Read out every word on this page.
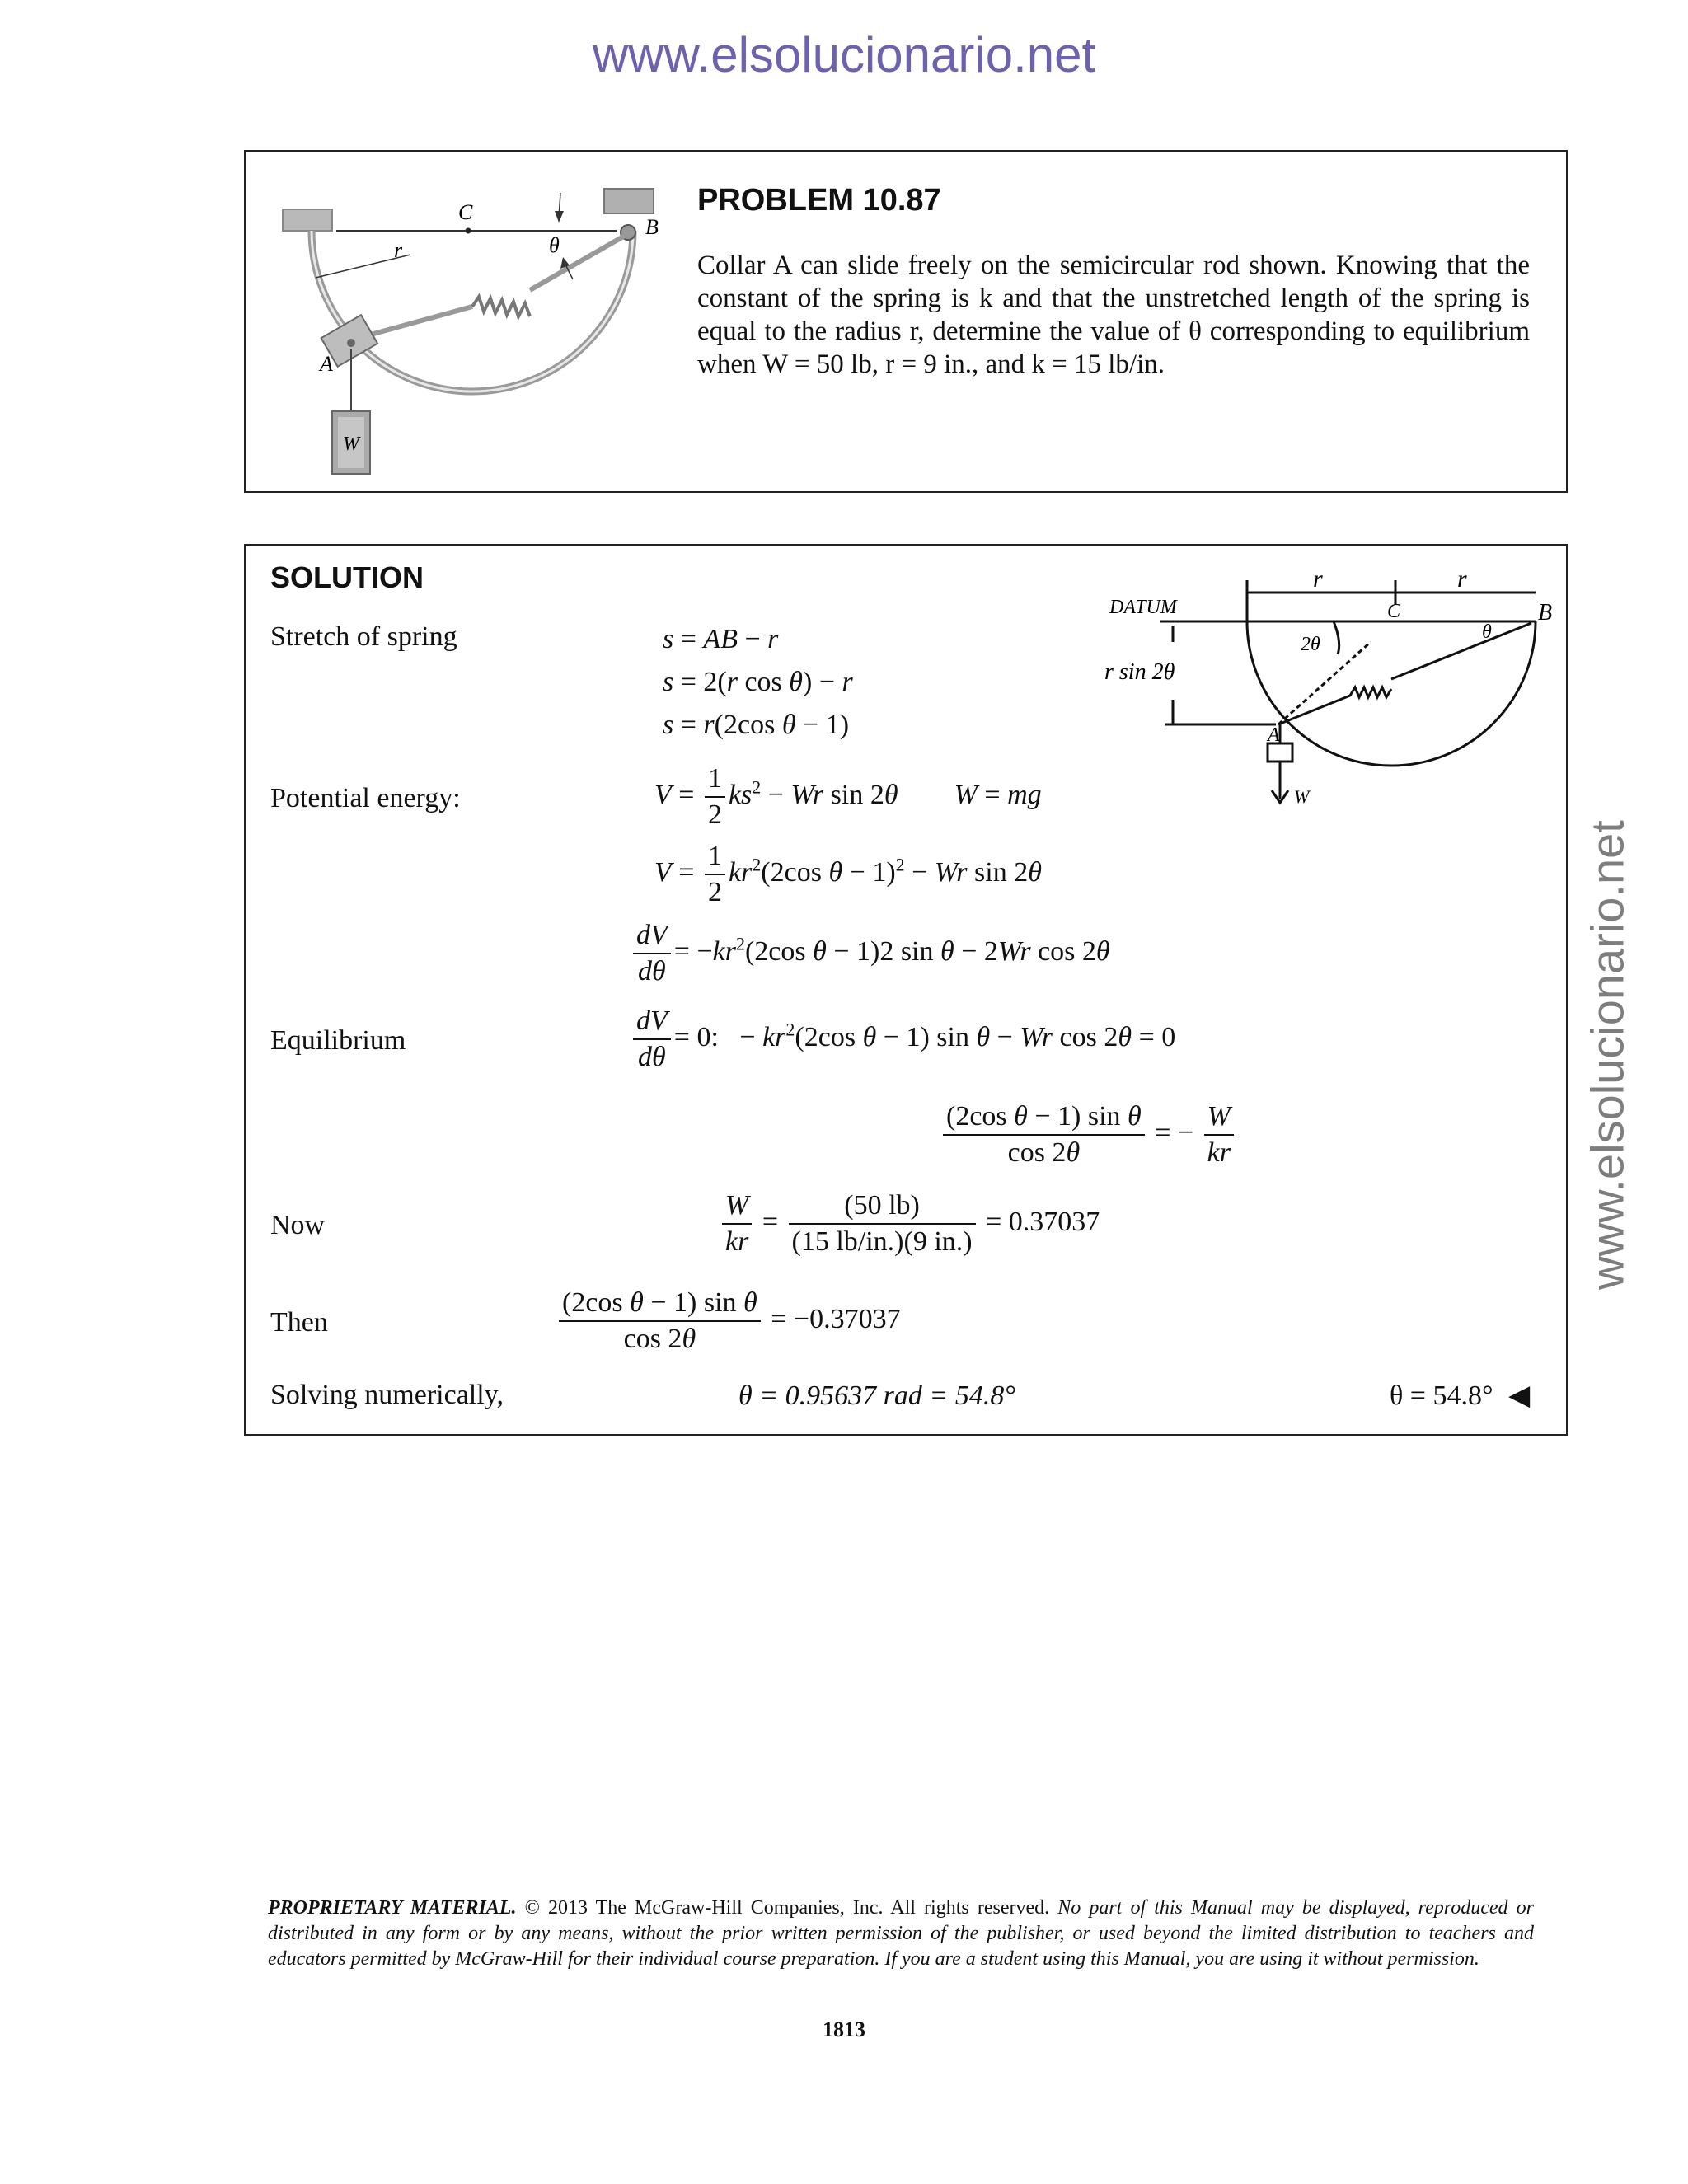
www.elsolucionario.net
www.elsolucionario.net
C
r	θ
B
A
W
PROBLEM 10.87
Collar A can slide freely on the semicircular rod shown. Knowing that the constant of the spring is k and that the unstretched length of the spring is equal to the radius r, determine the value of θ corresponding to equilibrium when W = 50 lb, r = 9 in., and k = 15 lb/in.
SOLUTION
DATUM
r	r
C	B
2θ
θ
r sin 2θ
A
W
Stretch of spring	s = AB − r
s = 2(r cos θ) − r
s = r(2cos θ − 1)
Potential energy:	$V = \frac{1}{2} ks^2 - Wr$ sin 2θ W = mg
$V = \frac{1}{2} kr^2(2\cos$ θ − 1)$^2$ − Wr sin 2θ
$\frac{dV}{d\theta} = -kr^2(2\cos$ θ − 1)2 sin θ − 2Wr cos 2θ
Equilibrium	$\frac{dV}{d\theta} = 0$:   − $kr^2(2\cos$ θ − 1) sin θ − Wr cos 2θ = 0
$\frac{\text{(2cos θ − 1) sin θ}}{\cos 2\theta}$ = − $\frac{W}{kr}$
Now	$\frac{W}{kr} = \frac{(50 lb)}{(15 lb/in.)(9 in.)} = 0.37037$
Then	$\frac{\text{(2cos θ − 1) sin θ}}{\cos 2\theta} = -0.37037$
Solving numerically,	θ = 0.95637 rad = 54.8°	θ = 54.8° ◀
PROPRIETARY MATERIAL. © 2013 The McGraw-Hill Companies, Inc. All rights reserved. No part of this Manual may be displayed, reproduced or distributed in any form or by any means, without the prior written permission of the publisher, or used beyond the limited distribution to teachers and educators permitted by McGraw-Hill for their individual course preparation. If you are a student using this Manual, you are using it without permission.
1813
